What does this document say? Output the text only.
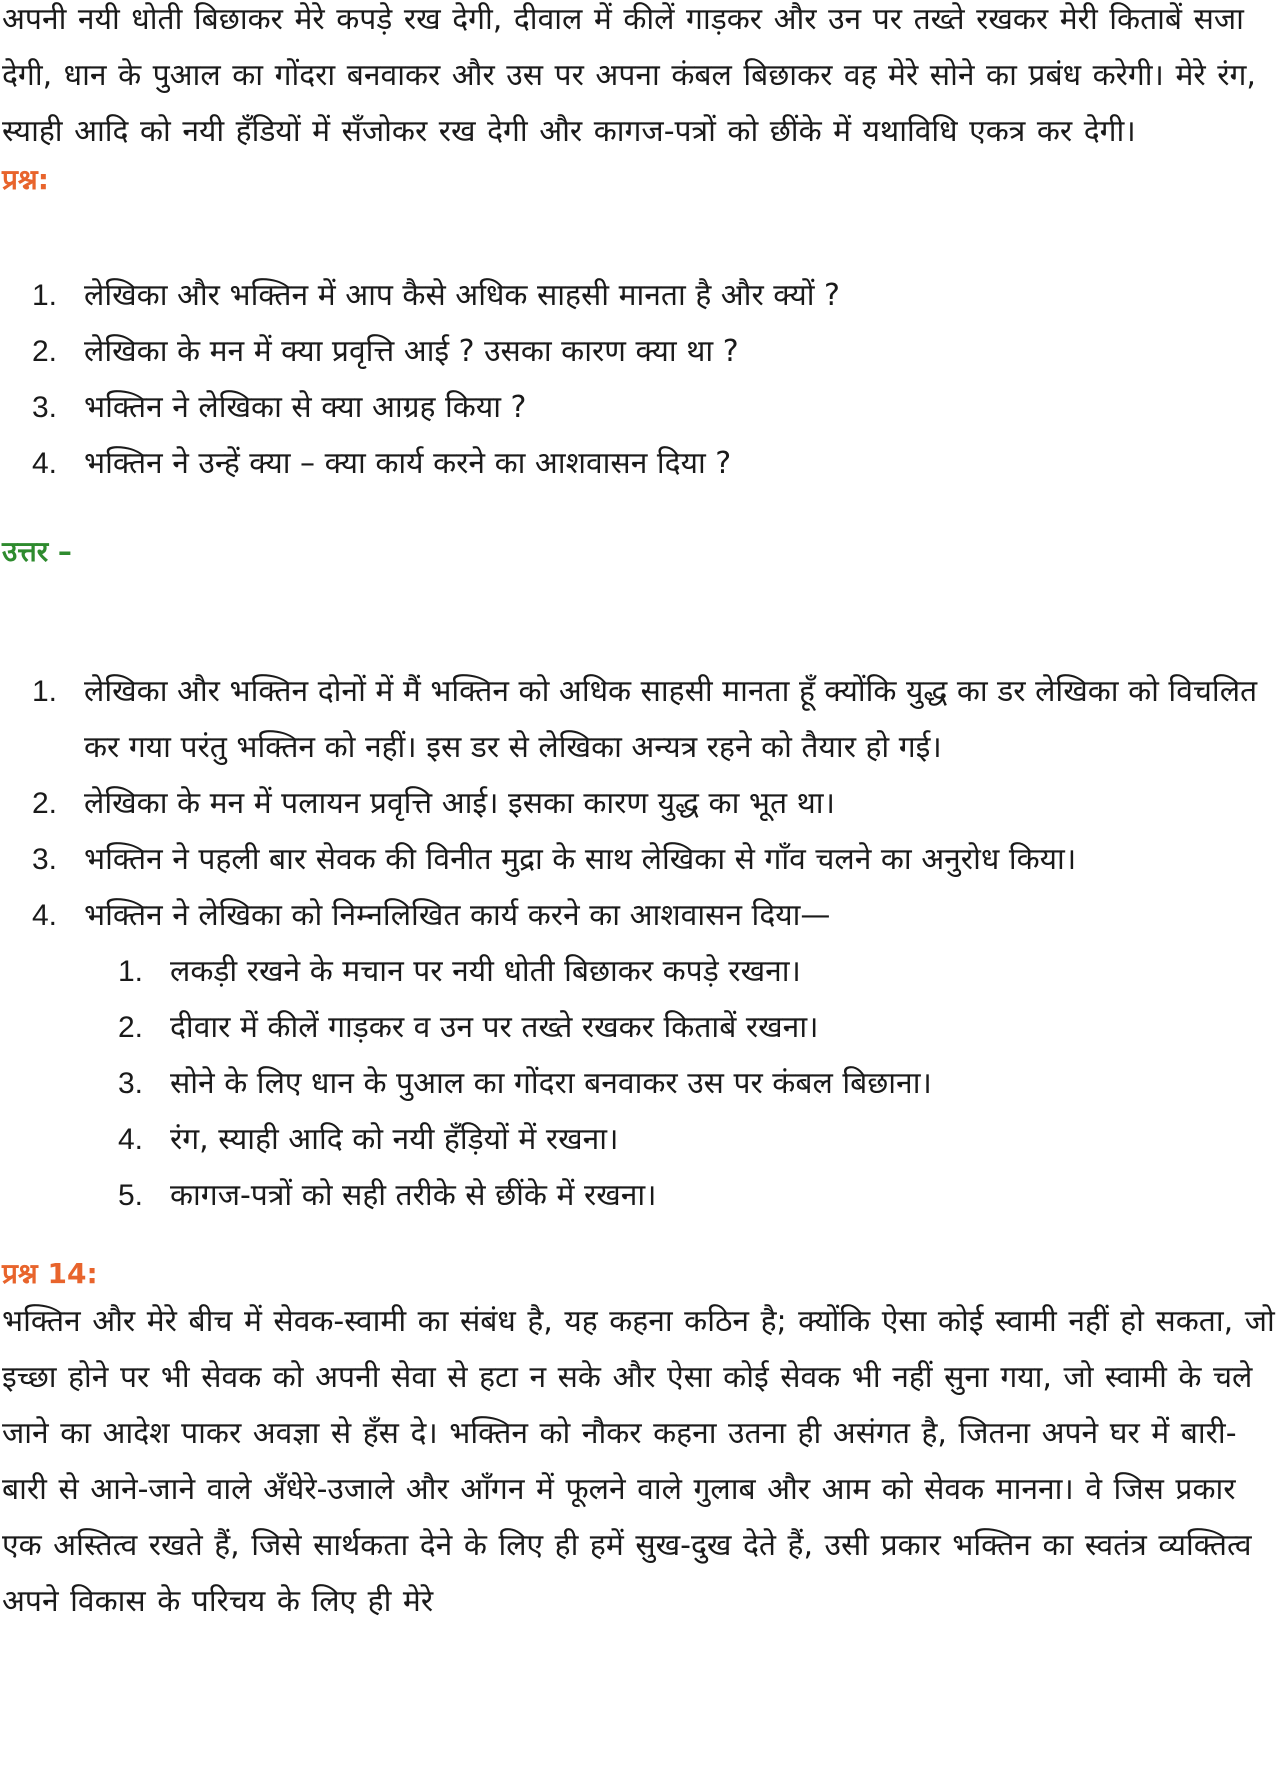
अपनी नयी धोती बिछाकर मेरे कपड़े रख देगी, दीवाल में कीलें गाड़कर और उन पर तख्ते रखकर मेरी किताबें सजा देगी, धान के पुआल का गोंदरा बनवाकर और उस पर अपना कंबल बिछाकर वह मेरे सोने का प्रबंध करेगी। मेरे रंग, स्याही आदि को नयी हँडियों में सँजोकर रख देगी और कागज-पत्रों को छींके में यथाविधि एकत्र कर देगी।

प्रश्न:

1. लेखिका और भक्तिन में आप कैसे अधिक साहसी मानता है और क्यों ?
2. लेखिका के मन में क्या प्रवृत्ति आई ? उसका कारण क्या था ?
3. भक्तिन ने लेखिका से क्या आग्रह किया ?
4. भक्तिन ने उन्हें क्या – क्या कार्य करने का आशवासन दिया ?

उत्तर –

1. लेखिका और भक्तिन दोनों में मैं भक्तिन को अधिक साहसी मानता हूँ क्योंकि युद्ध का डर लेखिका को विचलित कर गया परंतु भक्तिन को नहीं। इस डर से लेखिका अन्यत्र रहने को तैयार हो गई।
2. लेखिका के मन में पलायन प्रवृत्ति आई। इसका कारण युद्ध का भूत था।
3. भक्तिन ने पहली बार सेवक की विनीत मुद्रा के साथ लेखिका से गाँव चलने का अनुरोध किया।
4. भक्तिन ने लेखिका को निम्नलिखित कार्य करने का आशवासन दिया—
1. लकड़ी रखने के मचान पर नयी धोती बिछाकर कपड़े रखना।
2. दीवार में कीलें गाड़कर व उन पर तख्ते रखकर किताबें रखना।
3. सोने के लिए धान के पुआल का गोंदरा बनवाकर उस पर कंबल बिछाना।
4. रंग, स्याही आदि को नयी हँड़ियों में रखना।
5. कागज-पत्रों को सही तरीके से छींके में रखना।

प्रश्न 14:

भक्तिन और मेरे बीच में सेवक-स्वामी का संबंध है, यह कहना कठिन है; क्योंकि ऐसा कोई स्वामी नहीं हो सकता, जो इच्छा होने पर भी सेवक को अपनी सेवा से हटा न सके और ऐसा कोई सेवक भी नहीं सुना गया, जो स्वामी के चले जाने का आदेश पाकर अवज्ञा से हँस दे। भक्तिन को नौकर कहना उतना ही असंगत है, जितना अपने घर में बारी-बारी से आने-जाने वाले अँधेरे-उजाले और आँगन में फूलने वाले गुलाब और आम को सेवक मानना। वे जिस प्रकार एक अस्तित्व रखते हैं, जिसे सार्थकता देने के लिए ही हमें सुख-दुख देते हैं, उसी प्रकार भक्तिन का स्वतंत्र व्यक्तित्व अपने विकास के परिचय के लिए ही मेरे
